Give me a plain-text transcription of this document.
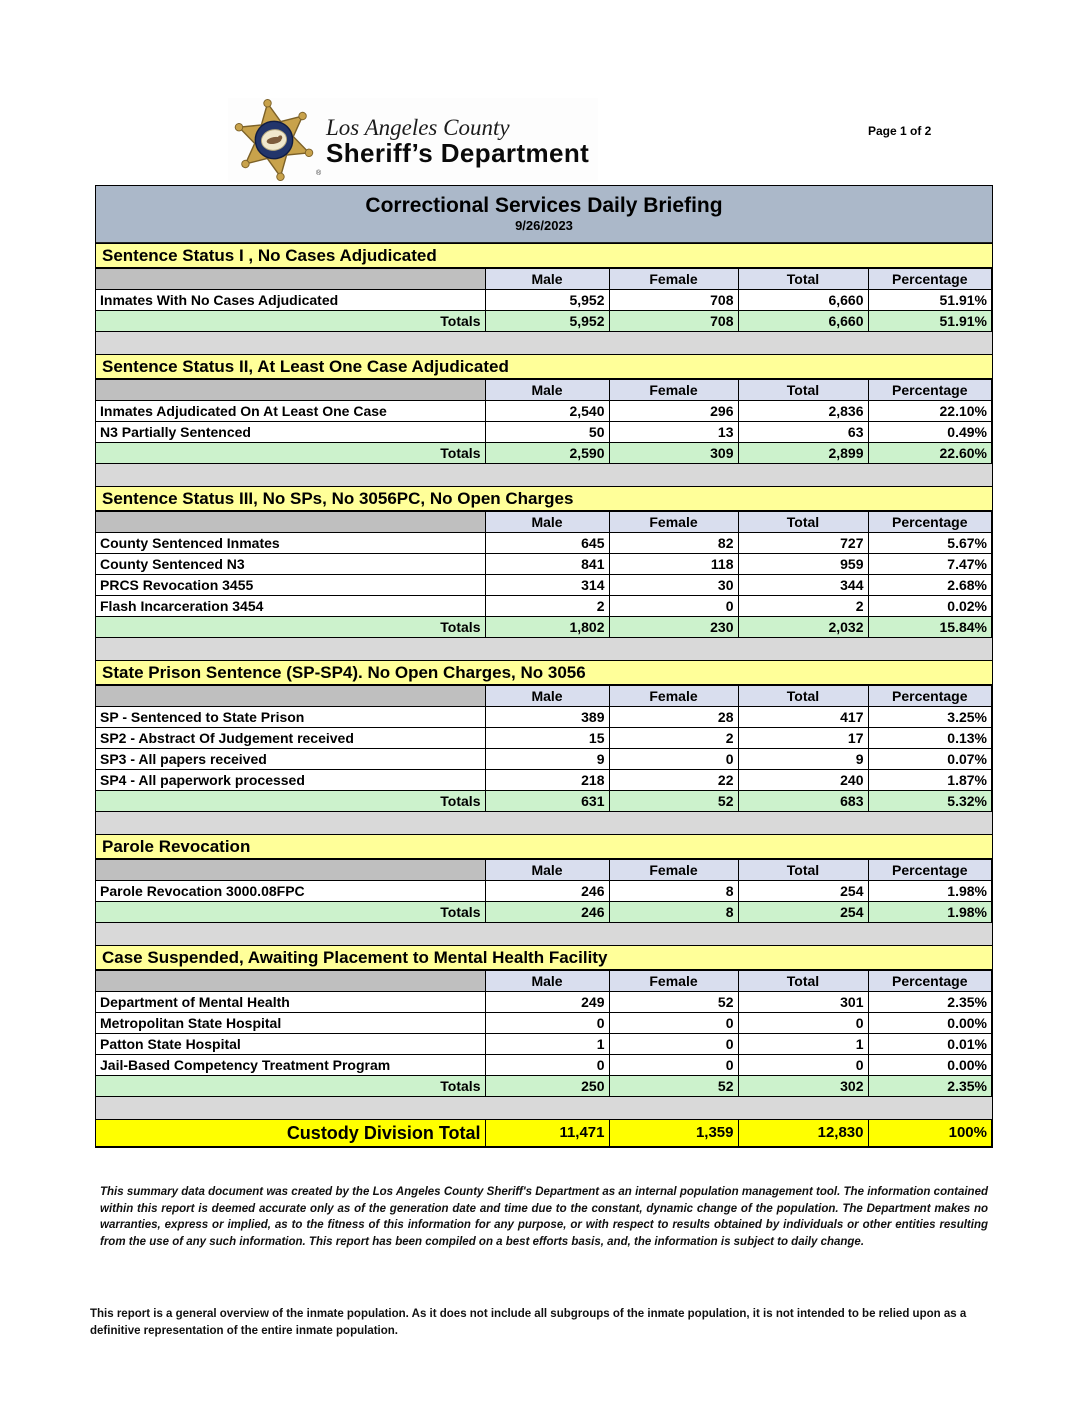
Los Angeles County
Sheriff’s Department
®
Page 1 of 2
Correctional Services Daily Briefing
9/26/2023
Sentence Status I , No Cases Adjudicated
	Male	Female	Total	Percentage
Inmates With No Cases Adjudicated	5,952	708	6,660	51.91%
Totals	5,952	708	6,660	51.91%
Sentence Status II, At Least One Case Adjudicated
	Male	Female	Total	Percentage
Inmates Adjudicated On At Least One Case	2,540	296	2,836	22.10%
N3 Partially Sentenced	50	13	63	0.49%
Totals	2,590	309	2,899	22.60%
Sentence Status III, No SPs, No 3056PC, No Open Charges
	Male	Female	Total	Percentage
County Sentenced Inmates	645	82	727	5.67%
County Sentenced N3	841	118	959	7.47%
PRCS Revocation 3455	314	30	344	2.68%
Flash Incarceration 3454	2	0	2	0.02%
Totals	1,802	230	2,032	15.84%
State Prison Sentence (SP-SP4). No Open Charges, No 3056
	Male	Female	Total	Percentage
SP - Sentenced to State Prison	389	28	417	3.25%
SP2 - Abstract Of Judgement received	15	2	17	0.13%
SP3 - All papers received	9	0	9	0.07%
SP4 - All paperwork processed	218	22	240	1.87%
Totals	631	52	683	5.32%
Parole Revocation
	Male	Female	Total	Percentage
Parole Revocation 3000.08FPC	246	8	254	1.98%
Totals	246	8	254	1.98%
Case Suspended, Awaiting Placement to Mental Health Facility
	Male	Female	Total	Percentage
Department of Mental Health	249	52	301	2.35%
Metropolitan State Hospital	0	0	0	0.00%
Patton State Hospital	1	0	1	0.01%
Jail-Based Competency Treatment Program	0	0	0	0.00%
Totals	250	52	302	2.35%
Custody Division Total	11,471	1,359	12,830	100%
This summary data document was created by the Los Angeles County Sheriff's Department as an internal population management tool. The information contained within this report is deemed accurate only as of the generation date and time due to the constant, dynamic change of the population. The Department makes no warranties, express or implied, as to the fitness of this information for any purpose, or with respect to results obtained by individuals or other entities resulting from the use of any such information. This report has been compiled on a best efforts basis, and, the information is subject to daily change.
This report is a general overview of the inmate population. As it does not include all subgroups of the inmate population, it is not intended to be relied upon as a definitive representation of the entire inmate population.
